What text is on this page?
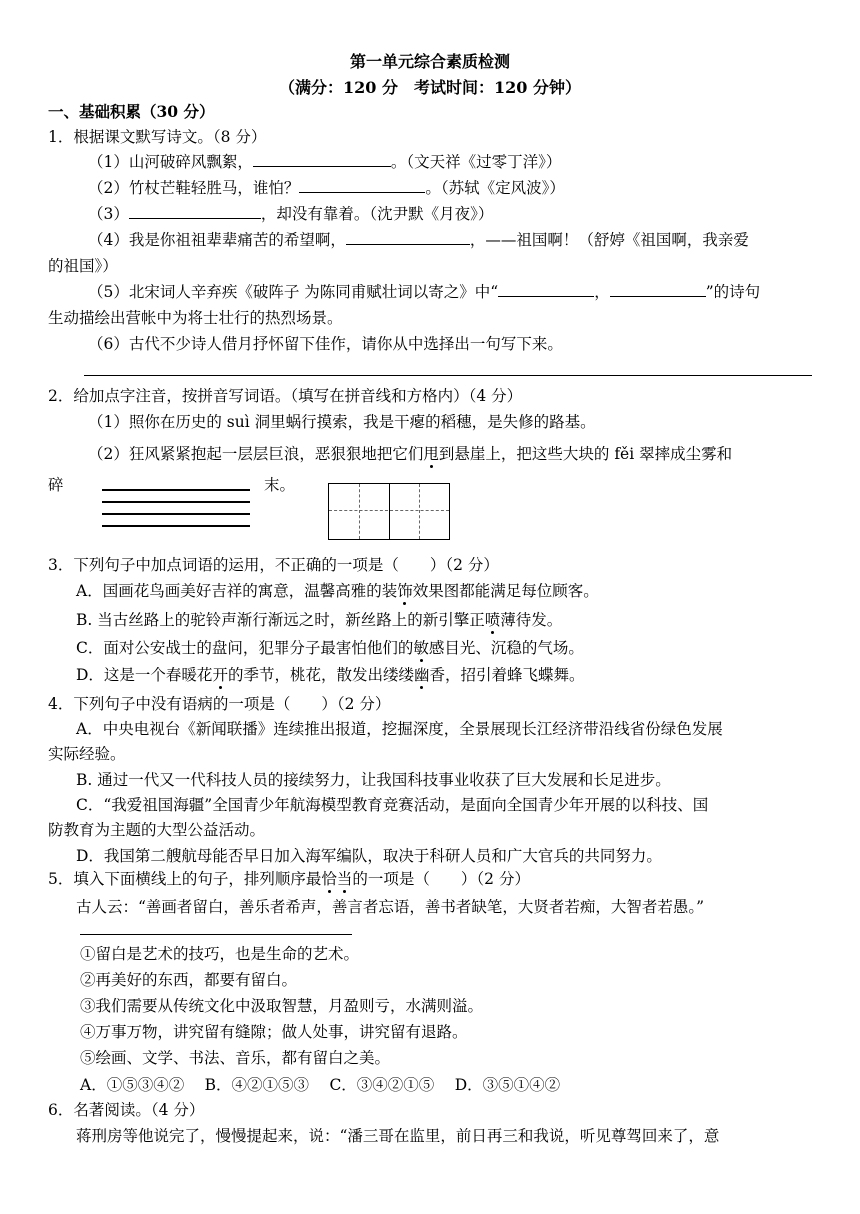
第一单元综合素质检测
（满分：120 分　考试时间：120 分钟）
一、基础积累（30 分）
1．根据课文默写诗文。（8 分）
（1）山河破碎风飘絮，	。（文天祥《过零丁洋》）
（2）竹杖芒鞋轻胜马，谁怕？	。（苏轼《定风波》）
（3）	，却没有靠着。（沈尹默《月夜》）
（4）我是你祖祖辈辈痛苦的希望啊，	，——祖国啊！（舒婷《祖国啊，我亲爱
的祖国》）
（5）北宋词人辛弃疾《破阵子 为陈同甫赋壮词以寄之》中“	，	”的诗句
生动描绘出营帐中为将士壮行的热烈场景。
（6）古代不少诗人借月抒怀留下佳作，请你从中选择出一句写下来。
2．给加点字注音，按拼音写词语。（填写在拼音线和方格内）（4 分）
（1）照你在历史的 suì 洞里蜗行摸索，我是干瘪的稻穗，是失修的路基。
（2）狂风紧紧抱起一层层巨浪，恶狠狠地把它们甩到悬崖上，把这些大块的 fěi 翠摔成尘雾和
碎	末。
3．下列句子中加点词语的运用，不正确的一项是（　　）（2 分）
A．国画花鸟画美好吉祥的寓意，温馨高雅的装饰效果图都能满足每位顾客。
B. 当古丝路上的驼铃声渐行渐远之时，新丝路上的新引擎正喷薄待发。
C．面对公安战士的盘问，犯罪分子最害怕他们的敏感目光、沉稳的气场。
D．这是一个春暖花开的季节，桃花，散发出缕缕幽香，招引着蜂飞蝶舞。
4．下列句子中没有语病的一项是（　　）（2 分）
A．中央电视台《新闻联播》连续推出报道，挖掘深度，全景展现长江经济带沿线省份绿色发展
实际经验。
B. 通过一代又一代科技人员的接续努力，让我国科技事业收获了巨大发展和长足进步。
C．“我爱祖国海疆”全国青少年航海模型教育竞赛活动，是面向全国青少年开展的以科技、国
防教育为主题的大型公益活动。
D．我国第二艘航母能否早日加入海军编队，取决于科研人员和广大官兵的共同努力。
5．填入下面横线上的句子，排列顺序最恰当的一项是（　　）（2 分）
古人云：“善画者留白，善乐者希声，善言者忘语，善书者缺笔，大贤者若痴，大智者若愚。”
①留白是艺术的技巧，也是生命的艺术。
②再美好的东西，都要有留白。
③我们需要从传统文化中汲取智慧，月盈则亏，水满则溢。
④万事万物，讲究留有缝隙；做人处事，讲究留有退路。
⑤绘画、文学、书法、音乐，都有留白之美。
A．①⑤③④②　 B．④②①⑤③　 C．③④②①⑤　 D．③⑤①④②
6．名著阅读。（4 分）
蒋刑房等他说完了，慢慢提起来，说：“潘三哥在监里，前日再三和我说，听见尊驾回来了，意
